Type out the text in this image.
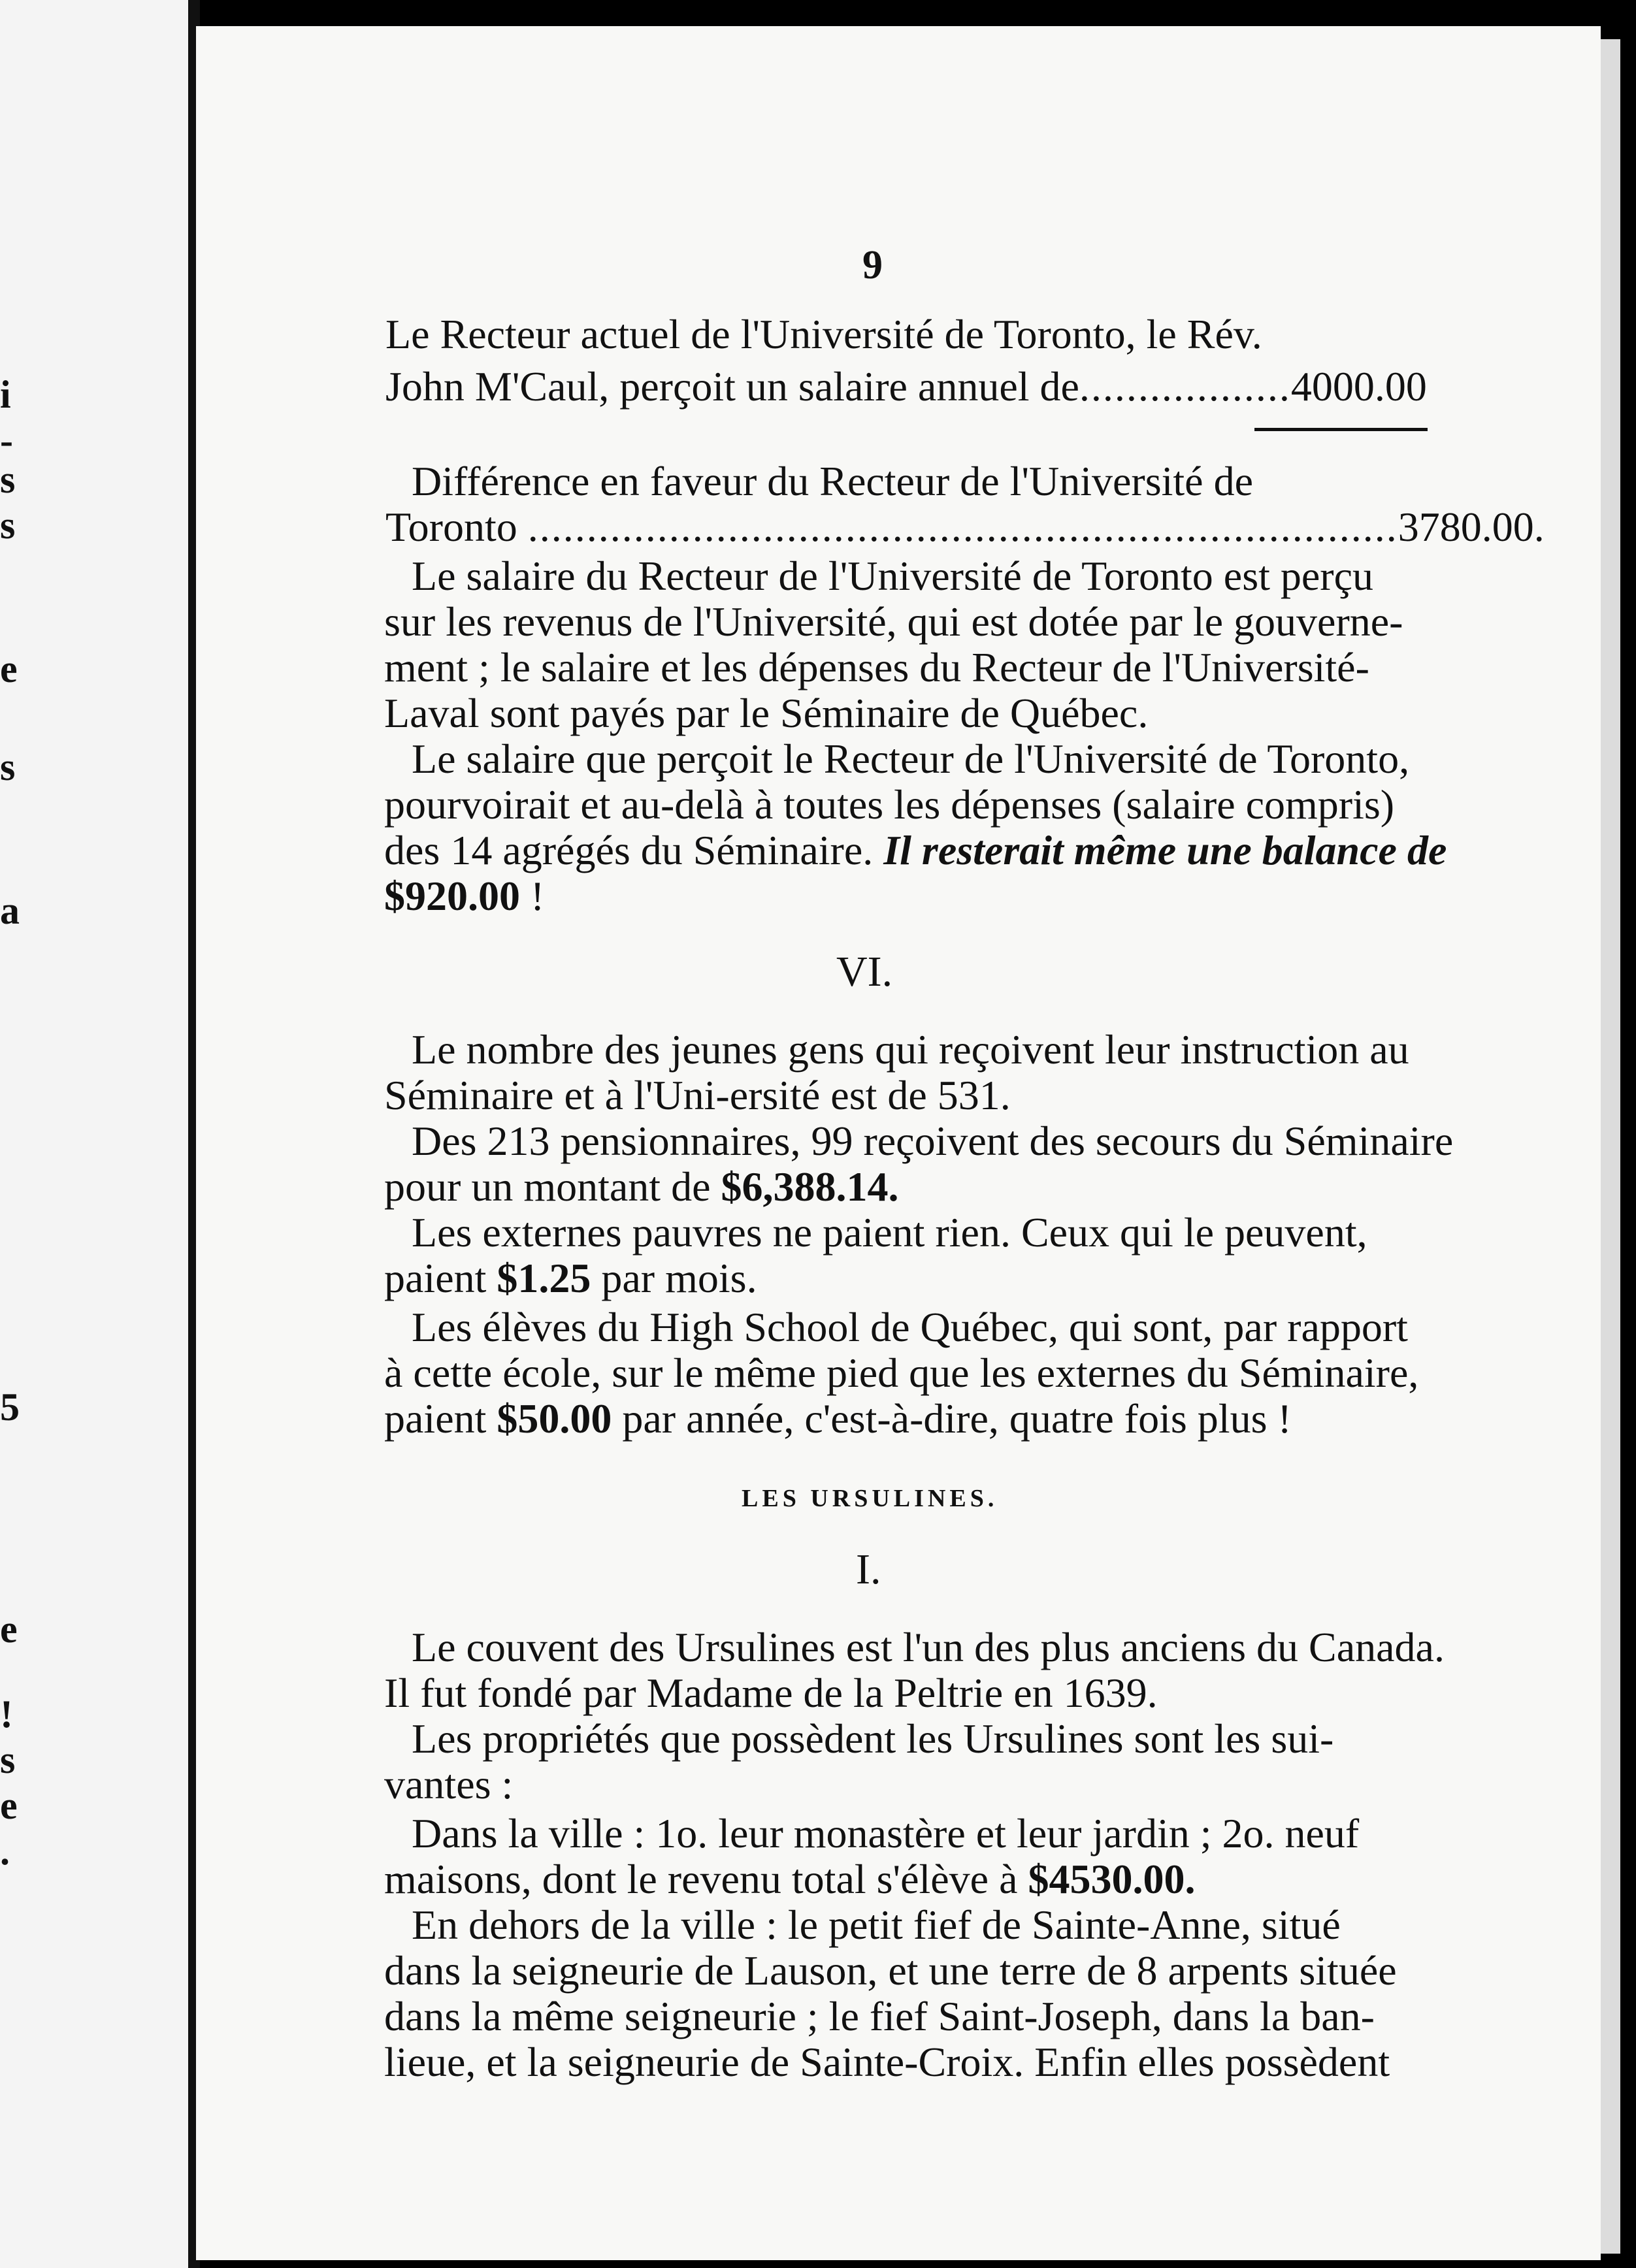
i
-
s
s
e
s
a
5
e
!
s
e
.
9
Le Recteur actuel de l'Université de Toronto, le Rév.
John M'Caul, perçoit un salaire annuel de..................4000.00
Différence en faveur du Recteur de l'Université de
Toronto ..........................................................................3780.00.
Le salaire du Recteur de l'Université de Toronto est perçu
sur les revenus de l'Université, qui est dotée par le gouverne-
ment ; le salaire et les dépenses du Recteur de l'Université-
Laval sont payés par le Séminaire de Québec.
Le salaire que perçoit le Recteur de l'Université de Toronto,
pourvoirait et au-delà à toutes les dépenses (salaire compris)
des 14 agrégés du Séminaire. Il resterait même une balance de
$920.00 !
VI.
Le nombre des jeunes gens qui reçoivent leur instruction au
Séminaire et à l'Uni-ersité est de 531.
Des 213 pensionnaires, 99 reçoivent des secours du Séminaire
pour un montant de $6,388.14.
Les externes pauvres ne paient rien. Ceux qui le peuvent,
paient $1.25 par mois.
Les élèves du High School de Québec, qui sont, par rapport
à cette école, sur le même pied que les externes du Séminaire,
paient $50.00 par année, c'est-à-dire, quatre fois plus !
LES URSULINES.
I.
Le couvent des Ursulines est l'un des plus anciens du Canada.
Il fut fondé par Madame de la Peltrie en 1639.
Les propriétés que possèdent les Ursulines sont les sui-
vantes :
Dans la ville : 1o. leur monastère et leur jardin ; 2o. neuf
maisons, dont le revenu total s'élève à $4530.00.
En dehors de la ville : le petit fief de Sainte-Anne, situé
dans la seigneurie de Lauson, et une terre de 8 arpents située
dans la même seigneurie ; le fief Saint-Joseph, dans la ban-
lieue, et la seigneurie de Sainte-Croix. Enfin elles possèdent
